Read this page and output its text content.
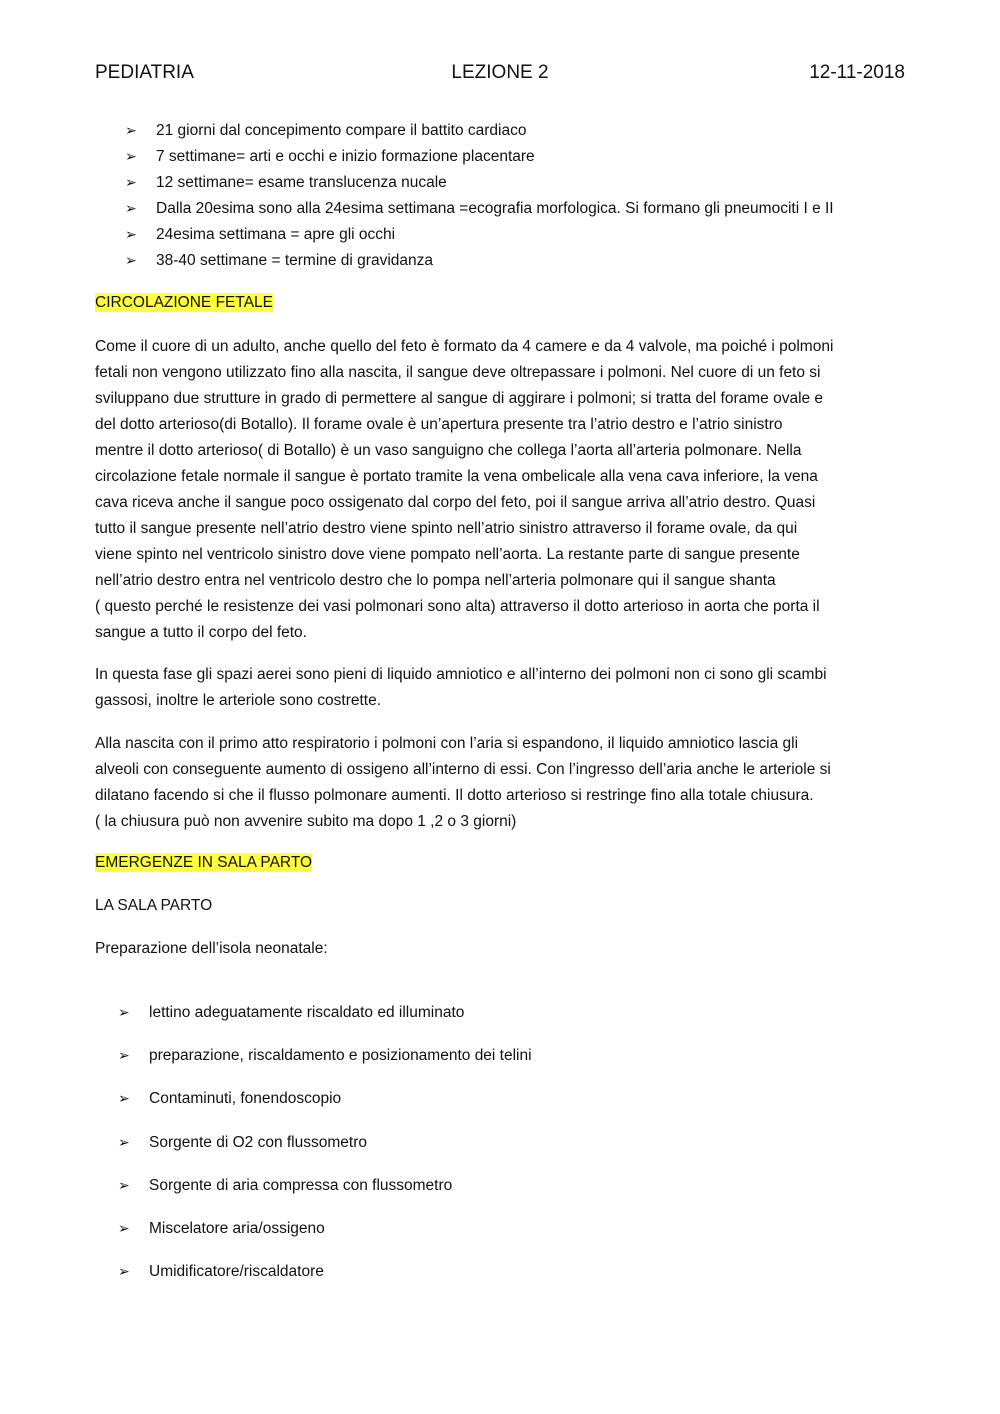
PEDIATRIA	LEZIONE 2	12-11-2018
➢ 21 giorni dal concepimento compare il battito cardiaco
➢ 7 settimane= arti e occhi e inizio formazione placentare
➢ 12 settimane= esame translucenza nucale
➢ Dalla 20esima sono alla 24esima settimana =ecografia morfologica. Si formano gli pneumociti I e II
➢ 24esima settimana = apre gli occhi
➢ 38-40 settimane = termine di gravidanza
CIRCOLAZIONE FETALE

Come il cuore di un adulto, anche quello del feto è formato da 4 camere e da 4 valvole, ma poiché i polmoni
fetali non vengono utilizzato fino alla nascita, il sangue deve oltrepassare i polmoni. Nel cuore di un feto si
sviluppano due strutture in grado di permettere al sangue di aggirare i polmoni; si tratta del forame ovale e
del dotto arterioso(di Botallo). Il forame ovale è un’apertura presente tra l’atrio destro e l’atrio sinistro
mentre il dotto arterioso( di Botallo) è un vaso sanguigno che collega l’aorta all’arteria polmonare. Nella
circolazione fetale normale il sangue è portato tramite la vena ombelicale alla vena cava inferiore, la vena
cava riceva anche il sangue poco ossigenato dal corpo del feto, poi il sangue arriva all’atrio destro. Quasi
tutto il sangue presente nell’atrio destro viene spinto nell’atrio sinistro attraverso il forame ovale, da qui
viene spinto nel ventricolo sinistro dove viene pompato nell’aorta. La restante parte di sangue presente
nell’atrio destro entra nel ventricolo destro che lo pompa nell’arteria polmonare qui il sangue shanta
( questo perché le resistenze dei vasi polmonari sono alta) attraverso il dotto arterioso in aorta che porta il
sangue a tutto il corpo del feto.

In questa fase gli spazi aerei sono pieni di liquido amniotico e all’interno dei polmoni non ci sono gli scambi
gassosi, inoltre le arteriole sono costrette.

Alla nascita con il primo atto respiratorio i polmoni con l’aria si espandono, il liquido amniotico lascia gli
alveoli con conseguente aumento di ossigeno all’interno di essi. Con l’ingresso dell’aria anche le arteriole si
dilatano facendo si che il flusso polmonare aumenti. Il dotto arterioso si restringe fino alla totale chiusura.
( la chiusura può non avvenire subito ma dopo 1 ,2 o 3 giorni)

EMERGENZE IN SALA PARTO
LA SALA PARTO
Preparazione dell’isola neonatale:
➢ lettino adeguatamente riscaldato ed illuminato
➢ preparazione, riscaldamento e posizionamento dei telini
➢ Contaminuti, fonendoscopio
➢ Sorgente di O2 con flussometro
➢ Sorgente di aria compressa con flussometro
➢ Miscelatore aria/ossigeno
➢ Umidificatore/riscaldatore
